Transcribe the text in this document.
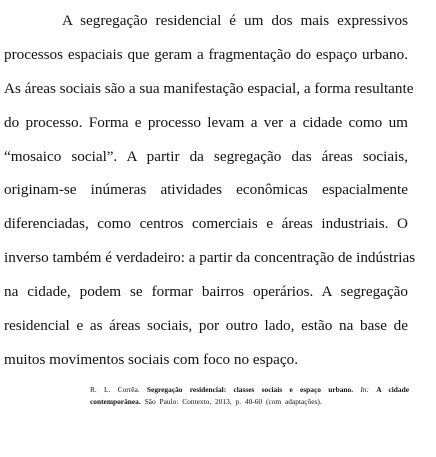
A segregação residencial é um dos mais expressivos
processos espaciais que geram a fragmentação do espaço urbano.
As áreas sociais são a sua manifestação espacial, a forma resultante
do processo. Forma e processo levam a ver a cidade como um
“mosaico social”. A partir da segregação das áreas sociais,
originam-se inúmeras atividades econômicas espacialmente
diferenciadas, como centros comerciais e áreas industriais. O
inverso também é verdadeiro: a partir da concentração de indústrias
na cidade, podem se formar bairros operários. A segregação
residencial e as áreas sociais, por outro lado, estão na base de
muitos movimentos sociais com foco no espaço.
R. L. Corrêa. Segregação residencial: classes sociais e espaço urbano. In: A cidade
contemporânea. São Paulo: Contexto, 2013, p. 40-60 (com adaptações).
